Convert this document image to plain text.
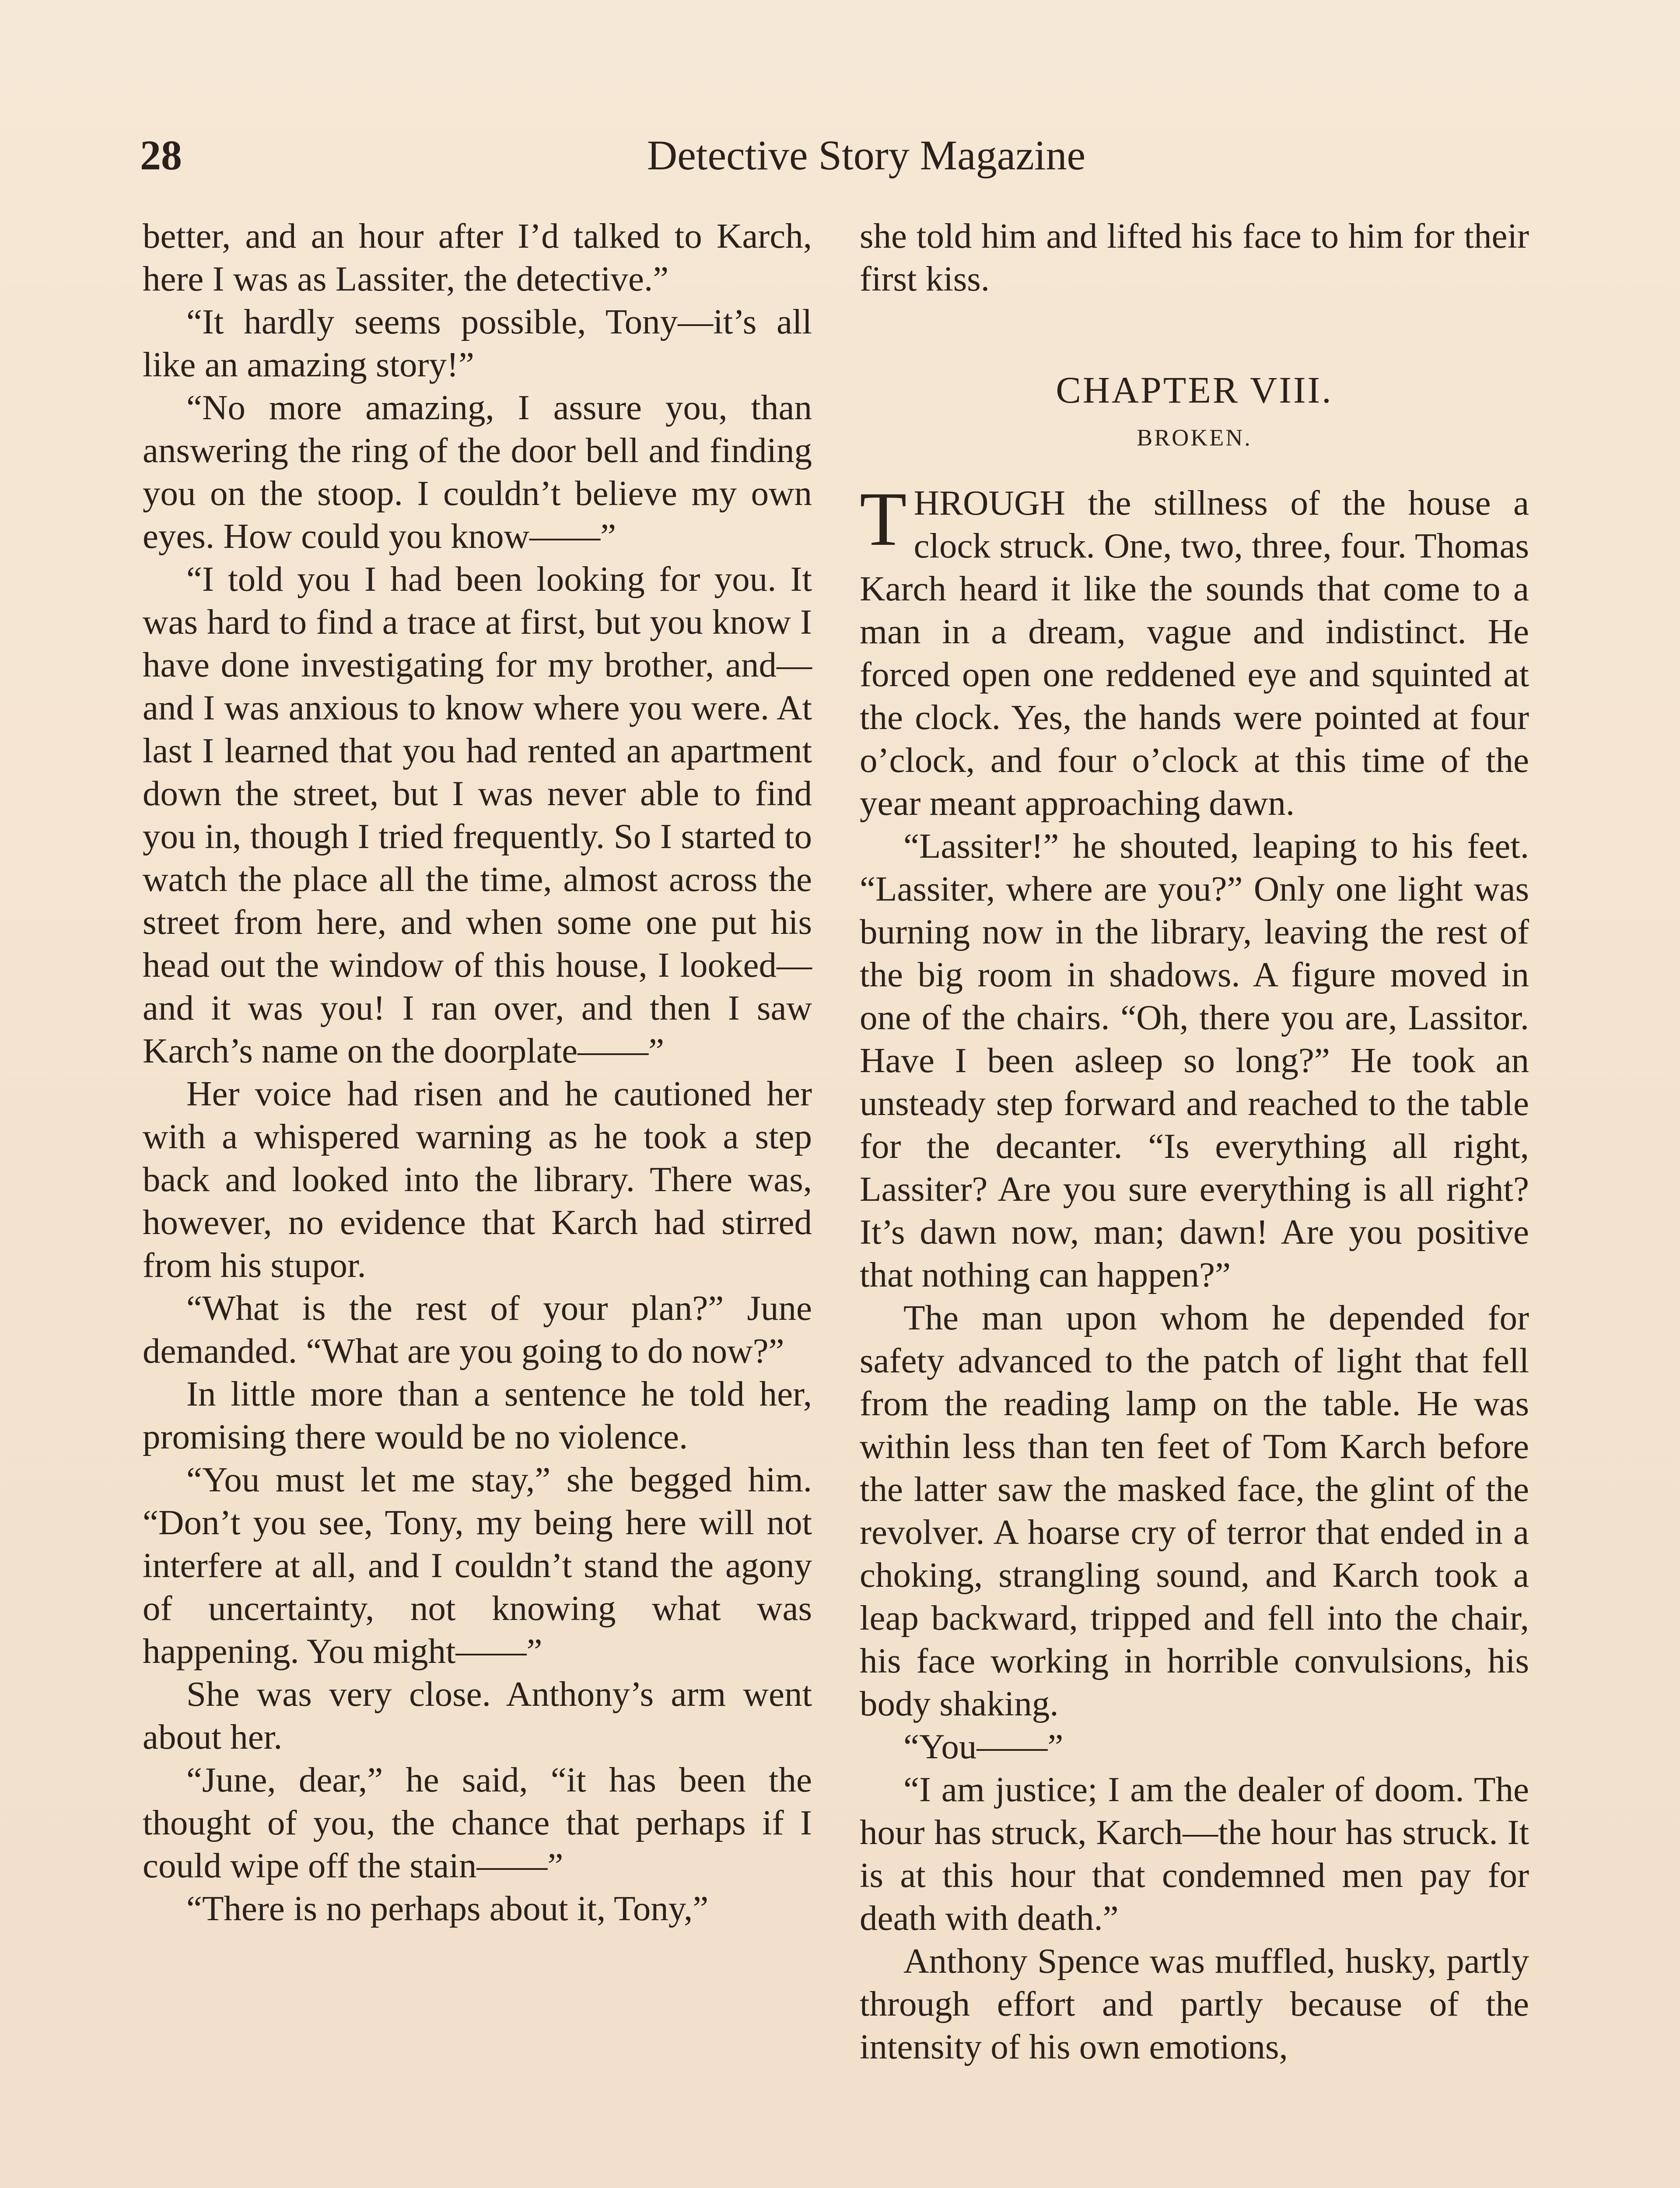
28	Detective Story Magazine

better, and an hour after I’d talked to Karch, here I was as Lassiter, the detective.”

“It hardly seems possible, Tony—it’s all like an amazing story!”

“No more amazing, I assure you, than answering the ring of the door bell and finding you on the stoop. I couldn’t believe my own eyes. How could you know——”

“I told you I had been looking for you. It was hard to find a trace at first, but you know I have done investigating for my brother, and—and I was anxious to know where you were. At last I learned that you had rented an apartment down the street, but I was never able to find you in, though I tried frequently. So I started to watch the place all the time, almost across the street from here, and when some one put his head out the window of this house, I looked—and it was you! I ran over, and then I saw Karch’s name on the doorplate——”

Her voice had risen and he cautioned her with a whispered warning as he took a step back and looked into the library. There was, however, no evidence that Karch had stirred from his stupor.

“What is the rest of your plan?” June demanded. “What are you going to do now?”

In little more than a sentence he told her, promising there would be no violence.

“You must let me stay,” she begged him. “Don’t you see, Tony, my being here will not interfere at all, and I couldn’t stand the agony of uncertainty, not knowing what was happening. You might——”

She was very close. Anthony’s arm went about her.

“June, dear,” he said, “it has been the thought of you, the chance that perhaps if I could wipe off the stain——”

“There is no perhaps about it, Tony,”

she told him and lifted his face to him for their first kiss.

CHAPTER VIII.

BROKEN.

THROUGH the stillness of the house a clock struck. One, two, three, four. Thomas Karch heard it like the sounds that come to a man in a dream, vague and indistinct. He forced open one reddened eye and squinted at the clock. Yes, the hands were pointed at four o’clock, and four o’clock at this time of the year meant approaching dawn.

“Lassiter!” he shouted, leaping to his feet. “Lassiter, where are you?” Only one light was burning now in the library, leaving the rest of the big room in shadows. A figure moved in one of the chairs. “Oh, there you are, Lassitor. Have I been asleep so long?” He took an unsteady step forward and reached to the table for the decanter. “Is everything all right, Lassiter? Are you sure everything is all right? It’s dawn now, man; dawn! Are you positive that nothing can happen?”

The man upon whom he depended for safety advanced to the patch of light that fell from the reading lamp on the table. He was within less than ten feet of Tom Karch before the latter saw the masked face, the glint of the revolver. A hoarse cry of terror that ended in a choking, strangling sound, and Karch took a leap backward, tripped and fell into the chair, his face working in horrible convulsions, his body shaking.

“You——”

“I am justice; I am the dealer of doom. The hour has struck, Karch—the hour has struck. It is at this hour that condemned men pay for death with death.”

Anthony Spence was muffled, husky, partly through effort and partly because of the intensity of his own emotions,
